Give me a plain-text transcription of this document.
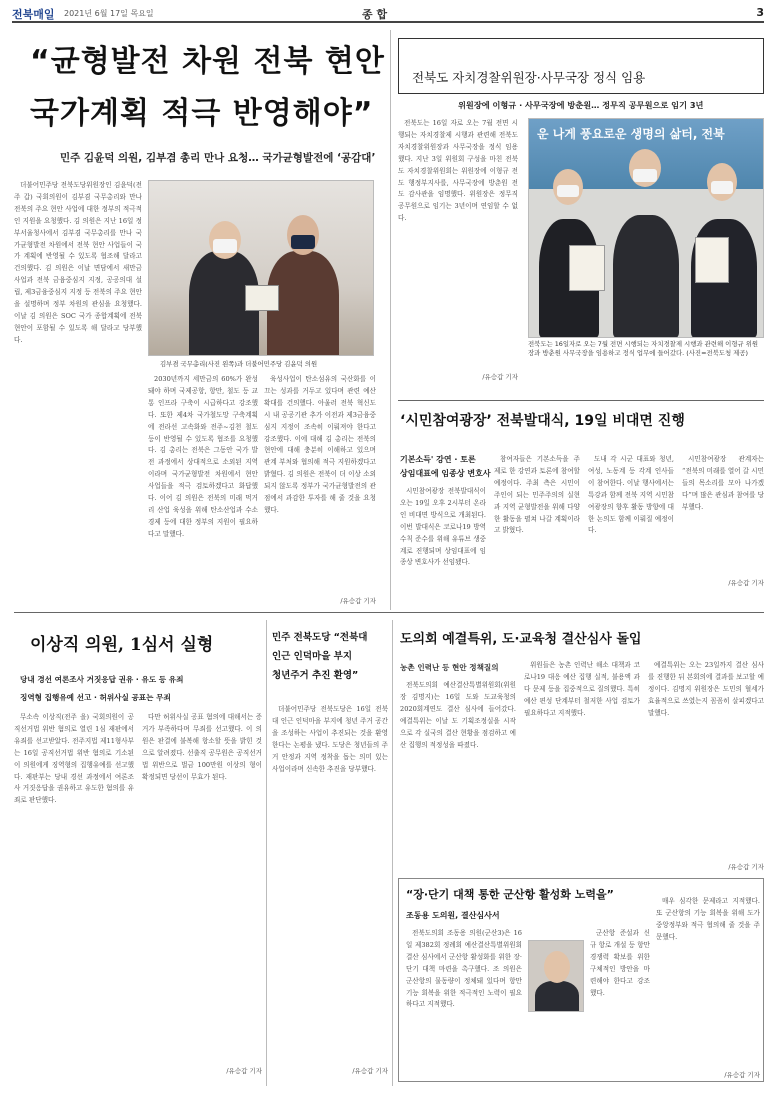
전북매일 2021년 6월 17일 목요일	종 합	3
“균형발전 차원 전북 현안
국가계획 적극 반영해야”
민주 김윤덕 의원, 김부겸 총리 만나 요청… 국가균형발전에 ‘공감대’

더불어민주당 전북도당위원장인 김윤덕(전주 갑) 국회의원이 김부겸 국무총리와 만나 전북의 주요 현안 사업에 대한 정부의 적극적인 지원을 요청했다. 김 의원은 지난 16일 정부서울청사에서 김부겸 국무총리를 만나 국가균형발전 차원에서 전북 현안 사업들이 국가 계획에 반영될 수 있도록 협조해 달라고 건의했다. 김 의원은 이날 면담에서 새만금 사업과 전북 금융중심지 지정, 공공의대 설립, 제3금융중심지 지정 등 전북의 주요 현안을 설명하며 정부 차원의 관심을 요청했다. 이날 김 의원은 SOC 국가 종합계획에 전북 현안이 포함될 수 있도록 해 달라고 당부했다.

김부겸 국무총리(사진 왼쪽)과 더불어민주당 김윤덕 의원

2030년까지 세만금의 60%가 완성돼야 하며 국제공항, 항만, 철도 등 교통 인프라 구축이 시급하다고 강조했다. 또한 제4차 국가철도망 구축계획에 전라선 고속화와 전주~김천 철도 등이 반영될 수 있도록 협조를 요청했다. 김 총리는 전북은 그동안 국가 발전 과정에서 상대적으로 소외된 지역이라며 국가균형발전 차원에서 현안 사업들을 적극 검토하겠다고 화답했다. 이어 김 의원은 전북의 미래 먹거리 산업 육성을 위해 탄소산업과 수소경제 등에 대한 정부의 지원이 필요하다고 말했다.

육성사업이 탄소섬유의 국산화를 이끄는 성과를 거두고 있다며 관련 예산 확대를 건의했다. 아울러 전북 혁신도시 내 공공기관 추가 이전과 제3금융중심지 지정이 조속히 이뤄져야 한다고 강조했다. 이에 대해 김 총리는 전북의 현안에 대해 충분히 이해하고 있으며 관계 부처와 협의해 적극 지원하겠다고 밝혔다. 김 의원은 전북이 더 이상 소외되지 않도록 정부가 국가균형발전의 관점에서 과감한 투자를 해 줄 것을 요청했다.

/유승갑 기자
전북도 자치경찰위원장·사무국장 정식 임용
위원장에 이형규 · 사무국장에 방춘원… 정무직 공무원으로 임기 3년

전북도는 16일 자로 오는 7월 전면 시행되는 자치경찰제 시행과 관련해 전북도 자치경찰위원장과 사무국장을 정식 임용했다. 지난 3일 위원회 구성을 마친 전북도 자치경찰위원회는 위원장에 이형규 전 도 행정부지사를, 사무국장에 방춘원 전 도 감사관을 임명했다. 위원장은 정무직 공무원으로 임기는 3년이며 연임할 수 없다.

운 나게 풍요로운 생명의 삶터, 전북
전북도는 16일자로 오는 7월 전면 시행되는 자치경찰제 시행과 관련해 이형규 위원장과 방춘원 사무국장을 임용하고 정식 업무에 들어갔다. (사진=전북도청 제공)
/유승갑 기자
‘시민참여광장’ 전북발대식, 19일 비대면 진행
기본소득' 강연 · 토론
상임대표에 임종상 변호사

시민참여광장 전북발대식이 오는 19일 오후 2시부터 온라인 비대면 방식으로 개최된다. 이번 발대식은 코로나19 방역 수칙 준수를 위해 유튜브 생중계로 진행되며 상임대표에 임종상 변호사가 선임됐다.

참여자들은 기본소득을 주제로 한 강연과 토론에 참여할 예정이다. 주최 측은 시민이 주인이 되는 민주주의의 실현과 지역 균형발전을 위해 다양한 활동을 펼쳐 나갈 계획이라고 밝혔다.

도내 각 시군 대표와 청년, 여성, 노동계 등 각계 인사들이 참여한다. 이날 행사에서는 특강과 함께 전북 지역 시민참여광장의 향후 활동 방향에 대한 논의도 함께 이뤄질 예정이다.

시민참여광장 관계자는 “전북의 미래를 열어 갈 시민들의 목소리를 모아 나가겠다”며 많은 관심과 참여를 당부했다.

/유승갑 기자
이상직 의원, 1심서 실형
당내 경선 여론조사 거짓응답 권유 · 유도 등 유죄
징역형 집행유예 선고 · 허위사실 공표는 무죄

무소속 이상직(전주 을) 국회의원이 공직선거법 위반 혐의로 열린 1심 재판에서 유죄를 선고받았다. 전주지법 제11형사부는 16일 공직선거법 위반 혐의로 기소된 이 의원에게 징역형의 집행유예를 선고했다. 재판부는 당내 경선 과정에서 여론조사 거짓응답을 권유하고 유도한 혐의를 유죄로 판단했다.

다만 허위사실 공표 혐의에 대해서는 증거가 부족하다며 무죄를 선고했다. 이 의원은 판결에 불복해 항소할 뜻을 밝힌 것으로 알려졌다. 선출직 공무원은 공직선거법 위반으로 벌금 100만원 이상의 형이 확정되면 당선이 무효가 된다.

/유승갑 기자
민주 전북도당 “전북대
인근 인덕마을 부지
청년주거 추진 환영”

더불어민주당 전북도당은 16일 전북대 인근 인덕마을 부지에 청년 주거 공간을 조성하는 사업이 추진되는 것을 환영한다는 논평을 냈다. 도당은 청년들의 주거 안정과 지역 정착을 돕는 의미 있는 사업이라며 신속한 추진을 당부했다.

/유승갑 기자
도의회 예결특위, 도·교육청 결산심사 돌입
농촌 인력난 등 현안 정책질의

전북도의회 예산결산특별위원회(위원장 김명지)는 16일 도와 도교육청의 2020회계연도 결산 심사에 들어갔다. 예결특위는 이날 도 기획조정실을 시작으로 각 실국의 결산 현황을 점검하고 예산 집행의 적정성을 따졌다.

위원들은 농촌 인력난 해소 대책과 코로나19 대응 예산 집행 실적, 불용액 과다 문제 등을 집중적으로 질의했다. 특히 예산 편성 단계부터 철저한 사업 검토가 필요하다고 지적했다.

예결특위는 오는 23일까지 결산 심사를 진행한 뒤 본회의에 결과를 보고할 예정이다. 김명지 위원장은 도민의 혈세가 효율적으로 쓰였는지 꼼꼼히 살피겠다고 말했다.

/유승갑 기자
“장·단기 대책 통한 군산항 활성화 노력을”
조동용 도의원, 결산심사서

전북도의회 조동용 의원(군산3)은 16일 제382회 정례회 예산결산특별위원회 결산 심사에서 군산항 활성화를 위한 장·단기 대책 마련을 촉구했다. 조 의원은 군산항의 물동량이 정체돼 있다며 항만 기능 회복을 위한 적극적인 노력이 필요하다고 지적했다.

군산항 준설과 신규 항로 개설 등 항만 경쟁력 확보를 위한 구체적인 방안을 마련해야 한다고 강조했다.

매우 심각한 문제라고 지적했다. 또 군산항의 기능 회복을 위해 도가 중앙정부와 적극 협의해 줄 것을 주문했다.

/유승갑 기자
